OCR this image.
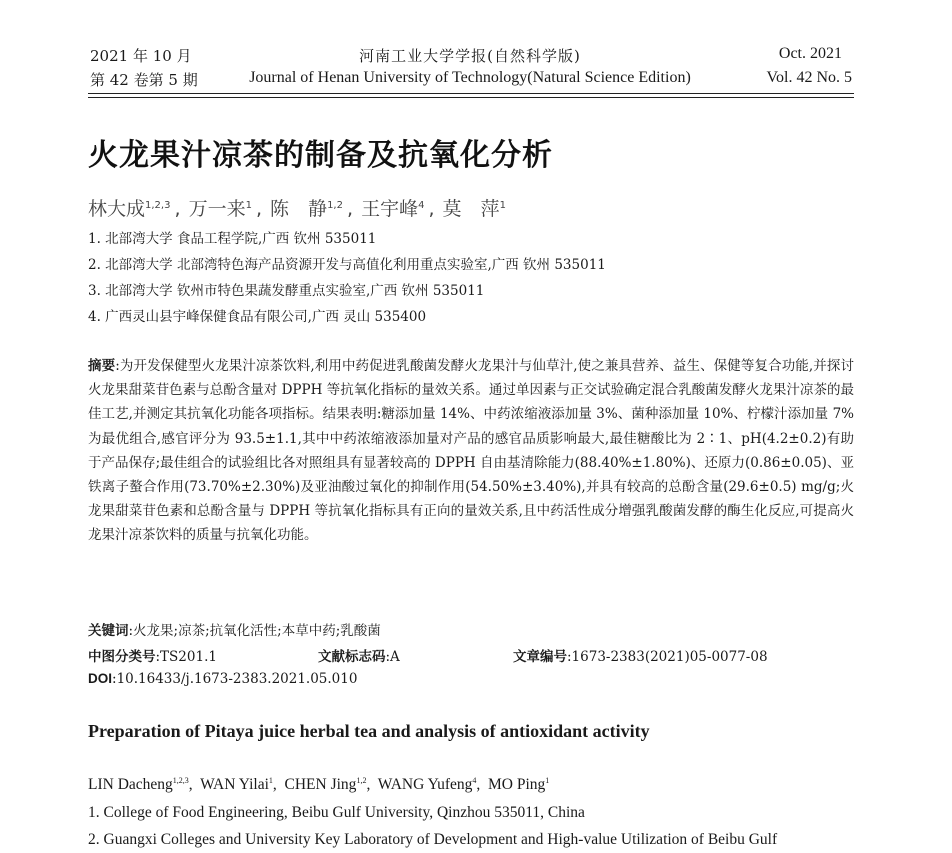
2021 年 10 月
第 42 卷第 5 期
河南工业大学学报(自然科学版)
Journal of Henan University of Technology(Natural Science Edition)
Oct. 2021
Vol. 42 No. 5
火龙果汁凉茶的制备及抗氧化分析
林大成$^{1,2,3}$ , 万一来$^1$ , 陈　静$^{1,2}$ , 王宇峰$^4$ , 莫　萍$^1$
1. 北部湾大学 食品工程学院,广西 钦州 535011
2. 北部湾大学 北部湾特色海产品资源开发与高值化利用重点实验室,广西 钦州 535011
3. 北部湾大学 钦州市特色果蔬发酵重点实验室,广西 钦州 535011
4. 广西灵山县宇峰保健食品有限公司,广西 灵山 535400
摘要:为开发保健型火龙果汁凉茶饮料,利用中药促进乳酸菌发酵火龙果汁与仙草汁,使之兼具营养、益生、保健等复合功能,并探讨火龙果甜菜苷色素与总酚含量对 DPPH 等抗氧化指标的量效关系。通过单因素与正交试验确定混合乳酸菌发酵火龙果汁凉茶的最佳工艺,并测定其抗氧化功能各项指标。结果表明:糖添加量 14%、中药浓缩液添加量 3%、菌种添加量 10%、柠檬汁添加量 7%为最优组合,感官评分为 93.5±1.1,其中中药浓缩液添加量对产品的感官品质影响最大,最佳糖酸比为 2∶1、pH(4.2±0.2)有助于产品保存;最佳组合的试验组比各对照组具有显著较高的 DPPH 自由基清除能力(88.40%±1.80%)、还原力(0.86±0.05)、亚铁离子螯合作用(73.70%±2.30%)及亚油酸过氧化的抑制作用(54.50%±3.40%),并具有较高的总酚含量(29.6±0.5) mg/g;火龙果甜菜苷色素和总酚含量与 DPPH 等抗氧化指标具有正向的量效关系,且中药活性成分增强乳酸菌发酵的酶生化反应,可提高火龙果汁凉茶饮料的质量与抗氧化功能。
关键词:火龙果;凉茶;抗氧化活性;本草中药;乳酸菌
中图分类号:TS201.1	文献标志码:A	文章编号:1673-2383(2021)05-0077-08
DOI:10.16433/j.1673-2383.2021.05.010
Preparation of Pitaya juice herbal tea and analysis of antioxidant activity
LIN Dacheng$^{1,2,3}$,  WAN Yilai$^1$,  CHEN Jing$^{1,2}$,  WANG Yufeng$^4$,  MO Ping$^1$
1. College of Food Engineering, Beibu Gulf University, Qinzhou 535011, China
2. Guangxi Colleges and University Key Laboratory of Development and High-value Utilization of Beibu Gulf
